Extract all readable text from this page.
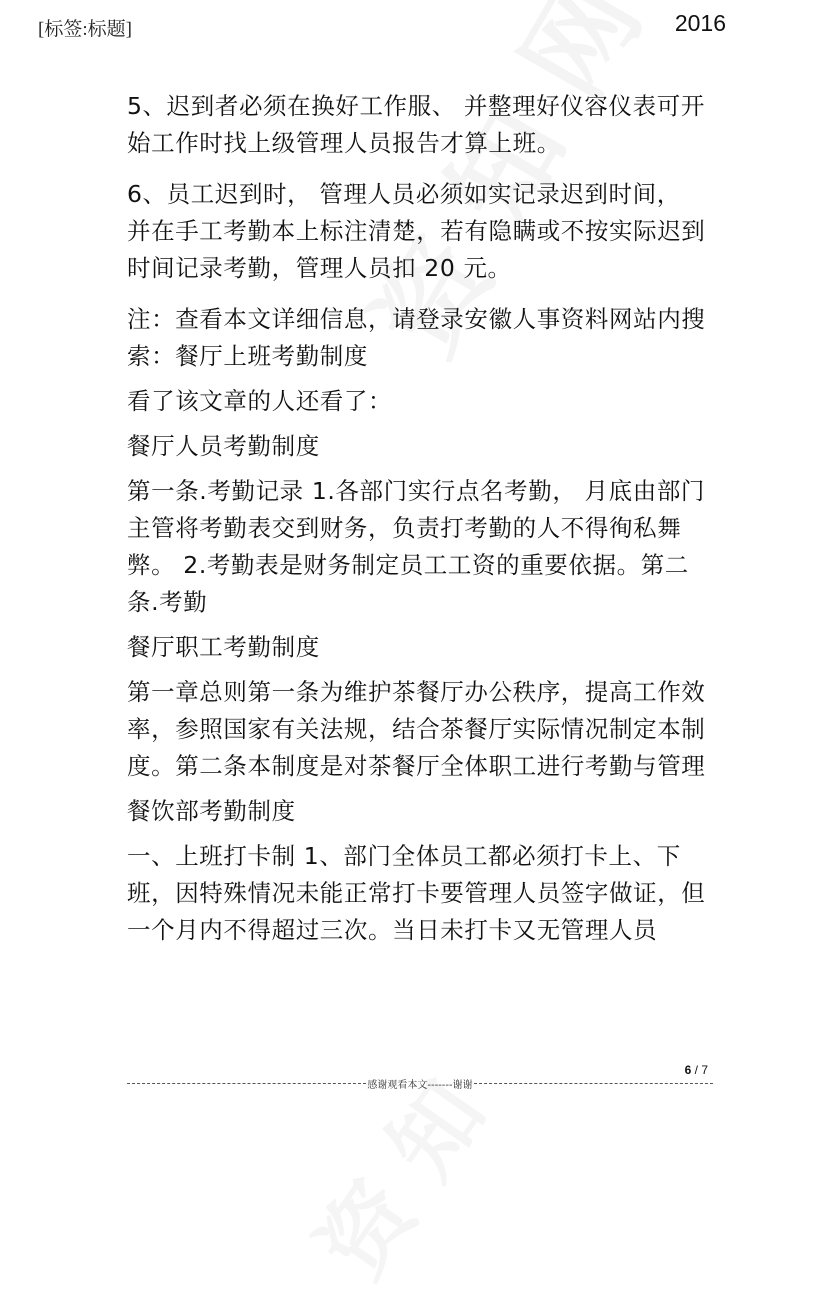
[标签:标题]	2016

5、迟到者必须在换好工作服、 并整理好仪容仪表可开始工作时找上级管理人员报告才算上班。

6、员工迟到时， 管理人员必须如实记录迟到时间， 并在手工考勤本上标注清楚，若有隐瞒或不按实际迟到时间记录考勤，管理人员扣 20 元。

注：查看本文详细信息，请登录安徽人事资料网站内搜索：餐厅上班考勤制度

看了该文章的人还看了：

餐厅人员考勤制度

第一条.考勤记录 1.各部门实行点名考勤， 月底由部门主管将考勤表交到财务，负责打考勤的人不得徇私舞弊。 2.考勤表是财务制定员工工资的重要依据。第二条.考勤

餐厅职工考勤制度

第一章总则第一条为维护茶餐厅办公秩序，提高工作效率，参照国家有关法规，结合茶餐厅实际情况制定本制度。第二条本制度是对茶餐厅全体职工进行考勤与管理

餐饮部考勤制度

一、上班打卡制 1、部门全体员工都必须打卡上、下班，因特殊情况未能正常打卡要管理人员签字做证，但一个月内不得超过三次。当日未打卡又无管理人员

6 / 7
感谢观看本文-------谢谢
